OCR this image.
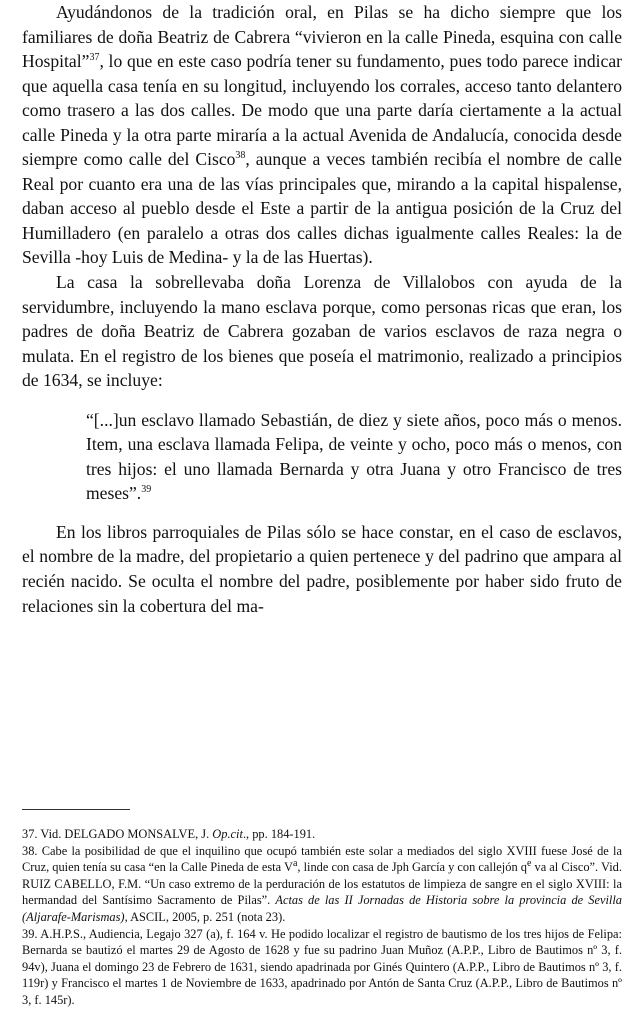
Ayudándonos de la tradición oral, en Pilas se ha dicho siempre que los familiares de doña Beatriz de Cabrera “vivieron en la calle Pineda, esquina con calle Hospital”$^{37}$, lo que en este caso podría tener su fundamento, pues todo parece indicar que aquella casa tenía en su longitud, incluyendo los corrales, acceso tanto delantero como trasero a las dos calles. De modo que una parte daría ciertamente a la actual calle Pineda y la otra parte miraría a la actual Avenida de Andalucía, conocida desde siempre como calle del Cisco$^{38}$, aunque a veces también recibía el nombre de calle Real por cuanto era una de las vías principales que, mirando a la capital hispalense, daban acceso al pueblo desde el Este a partir de la antigua posición de la Cruz del Humilladero (en paralelo a otras dos calles dichas igualmente calles Reales: la de Sevilla -hoy Luis de Medina- y la de las Huertas).

La casa la sobrellevaba doña Lorenza de Villalobos con ayuda de la servidumbre, incluyendo la mano esclava porque, como personas ricas que eran, los padres de doña Beatriz de Cabrera gozaban de varios esclavos de raza negra o mulata. En el registro de los bienes que poseía el matrimonio, realizado a principios de 1634, se incluye:

“[...]un esclavo llamado Sebastián, de diez y siete años, poco más o menos. Item, una esclava llamada Felipa, de veinte y ocho, poco más o menos, con tres hijos: el uno llamada Bernarda y otra Juana y otro Francisco de tres meses”.$^{39}$

En los libros parroquiales de Pilas sólo se hace constar, en el caso de esclavos, el nombre de la madre, del propietario a quien pertenece y del padrino que ampara al recién nacido. Se oculta el nombre del padre, posiblemente por haber sido fruto de relaciones sin la cobertura del ma-

37. Vid. DELGADO MONSALVE, J. Op.cit., pp. 184-191.

38. Cabe la posibilidad de que el inquilino que ocupó también este solar a mediados del siglo XVIII fuese José de la Cruz, quien tenía su casa “en la Calle Pineda de esta $V^a$, linde con casa de Jph García y con callejón $q^e$ va al Cisco”. Vid. RUIZ CABELLO, F.M. “Un caso extremo de la perduración de los estatutos de limpieza de sangre en el siglo XVIII: la hermandad del Santísimo Sacramento de Pilas”. Actas de las II Jornadas de Historia sobre la provincia de Sevilla (Aljarafe-Marismas), ASCIL, 2005, p. 251 (nota 23).

39. A.H.P.S., Audiencia, Legajo 327 (a), f. 164 v. He podido localizar el registro de bautismo de los tres hijos de Felipa: Bernarda se bautizó el martes 29 de Agosto de 1628 y fue su padrino Juan Muñoz (A.P.P., Libro de Bautimos nº 3, f. 94v), Juana el domingo 23 de Febrero de 1631, siendo apadrinada por Ginés Quintero (A.P.P., Libro de Bautimos nº 3, f. 119r) y Francisco el martes 1 de Noviembre de 1633, apadrinado por Antón de Santa Cruz (A.P.P., Libro de Bautimos nº 3, f. 145r).
